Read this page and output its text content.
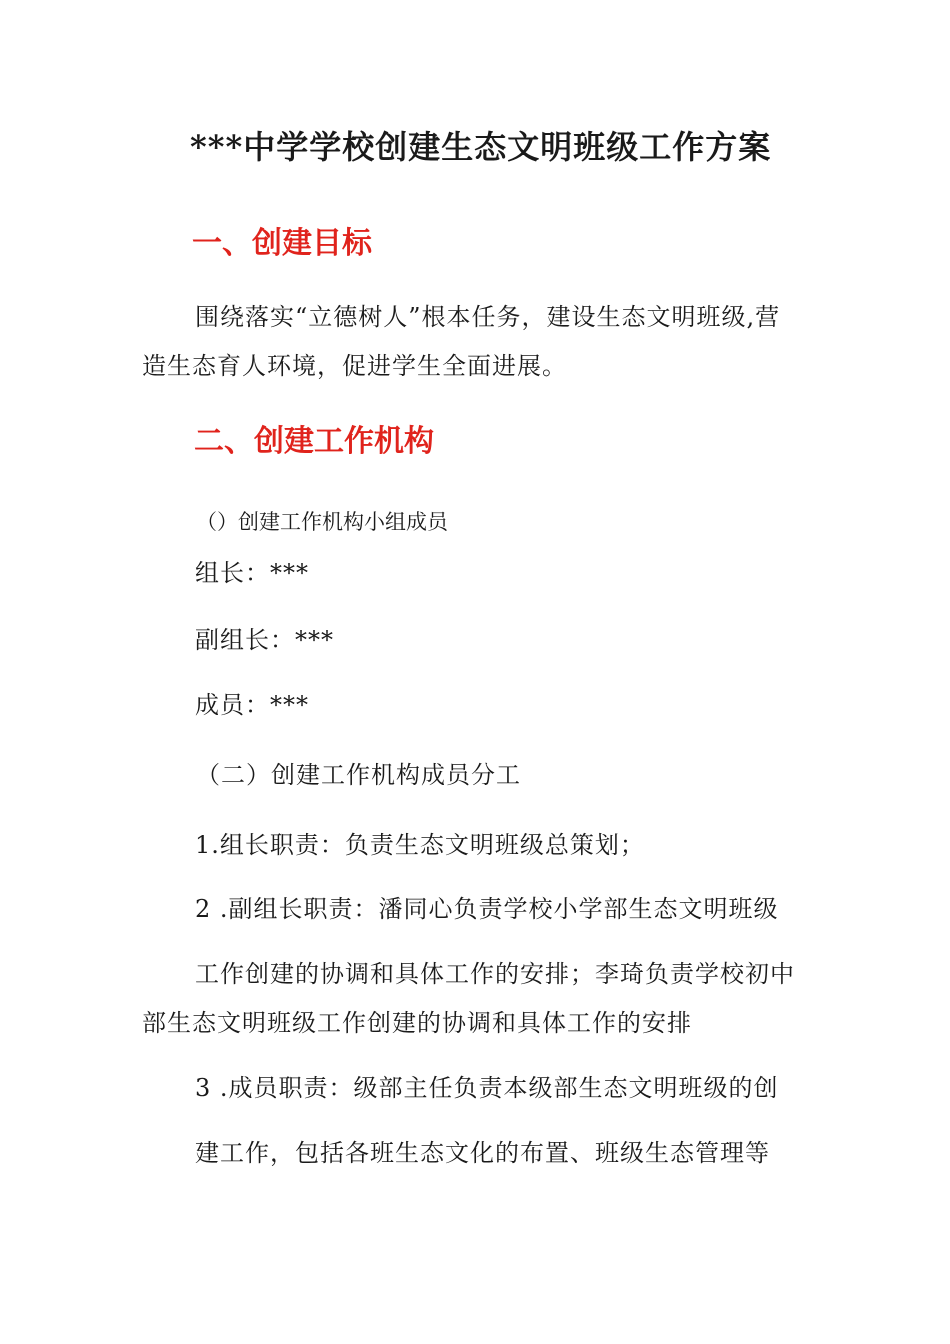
***中学学校创建生态文明班级工作方案
一、创建目标

围绕落实“立德树人”根本任务，建设生态文明班级,营

造生态育人环境，促进学生全面进展。

二、创建工作机构

（）创建工作机构小组成员

组长：***

副组长：***

成员：***

（二）创建工作机构成员分工

1.组长职责：负责生态文明班级总策划；

2 .副组长职责：潘同心负责学校小学部生态文明班级

工作创建的协调和具体工作的安排；李琦负责学校初中

部生态文明班级工作创建的协调和具体工作的安排

3 .成员职责：级部主任负责本级部生态文明班级的创

建工作，包括各班生态文化的布置、班级生态管理等
